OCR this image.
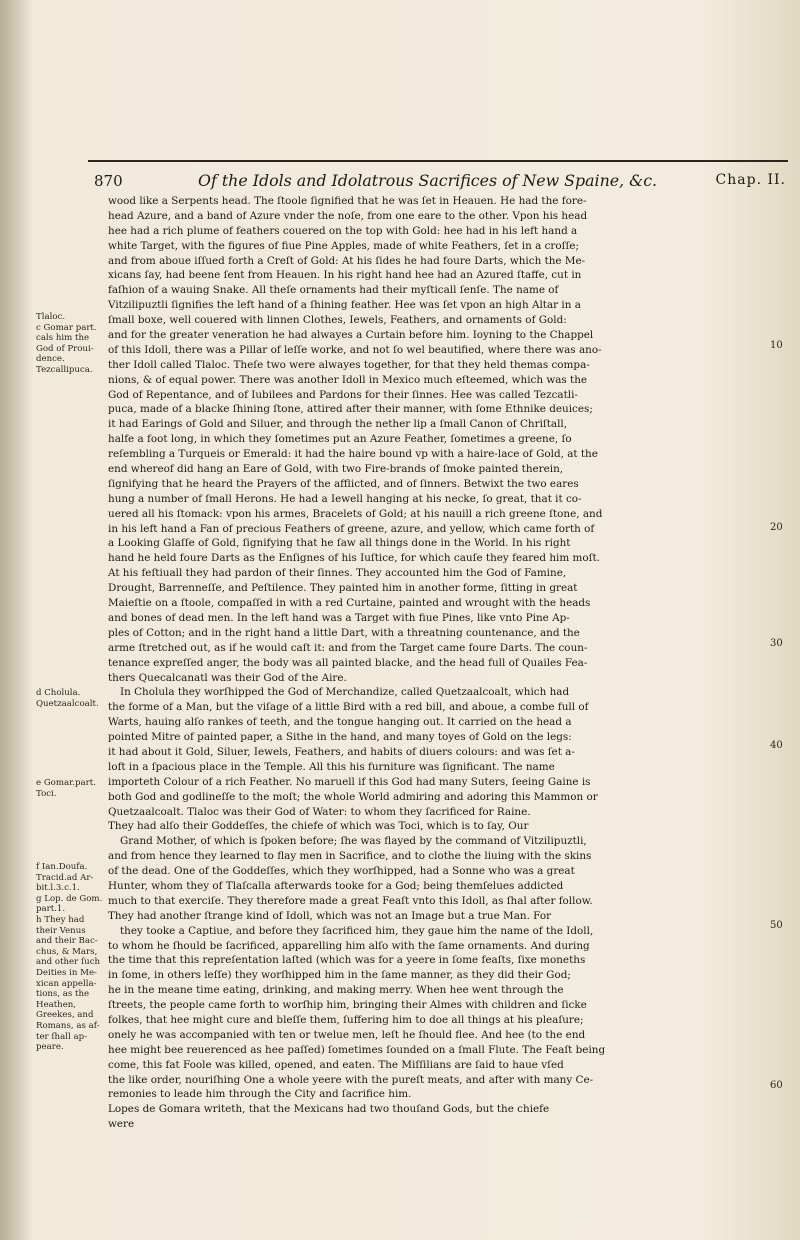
870	Of the Idols and Idolatrous Sacrifices of New Spaine, &c.	Chap. II.
Tlaloc.
c Gomar part.
cals him the
God of Proui-
dence.
Tezcallipuca.
d Cholula.
Quetzaalcoalt.
e Gomar.part.
Toci.
f Ian.Doufa.
Tracid.ad Ar-
bit.l.3.c.1.
g Lop. de Gom.
part.1.
h They had
their Venus
and their Bac-
chus, & Mars,
and other ſuch
Deities in Me-
xican appella-
tions, as the
Heathen,
Greekes, and
Romans, as af-
ter ſhall ap-
peare.
wood like a Serpents head. The ſtoole ſignified that he was ſet in Heauen. He had the fore-
head Azure, and a band of Azure vnder the noſe, from one eare to the other. Vpon his head
hee had a rich plume of feathers couered on the top with Gold: hee had in his left hand a
white Target, with the figures of fiue Pine Apples, made of white Feathers, ſet in a croſſe;
and from aboue iſſued forth a Creſt of Gold: At his ſides he had foure Darts, which the Me-
xicans ſay, had beene ſent from Heauen. In his right hand hee had an Azured ſtaffe, cut in
faſhion of a wauing Snake. All theſe ornaments had their myſticall ſenſe. The name of
Vitzilipuztli ſignifies the left hand of a ſhining feather. Hee was ſet vpon an high Altar in a
ſmall boxe, well couered with linnen Clothes, Iewels, Feathers, and ornaments of Gold:
and for the greater veneration he had alwayes a Curtain before him. Ioyning to the Chappel
of this Idoll, there was a Pillar of leſſe worke, and not ſo wel beautified, where there was ano-
ther Idoll called Tlaloc. Theſe two were alwayes together, for that they held themas compa-
nions, & of equal power. There was another Idoll in Mexico much eſteemed, which was the
God of Repentance, and of Iubilees and Pardons for their ſinnes. Hee was called Tezcatli-
puca, made of a blacke ſhining ſtone, attired after their manner, with ſome Ethnike deuices;
it had Earings of Gold and Siluer, and through the nether lip a ſmall Canon of Chriſtall,
halfe a foot long, in which they ſometimes put an Azure Feather, ſometimes a greene, ſo
reſembling a Turqueis or Emerald: it had the haire bound vp with a haire-lace of Gold, at the
end whereof did hang an Eare of Gold, with two Fire-brands of ſmoke painted therein,
ſignifying that he heard the Prayers of the afflicted, and of ſinners. Betwixt the two eares
hung a number of ſmall Herons. He had a Iewell hanging at his necke, ſo great, that it co-
uered all his ſtomack: vpon his armes, Bracelets of Gold; at his nauill a rich greene ſtone, and
in his left hand a Fan of precious Feathers of greene, azure, and yellow, which came forth of
a Looking Glaſſe of Gold, ſignifying that he ſaw all things done in the World. In his right
hand he held foure Darts as the Enſignes of his Iuſtice, for which cauſe they feared him moſt.
At his feſtiuall they had pardon of their ſinnes. They accounted him the God of Famine,
Drought, Barrenneſſe, and Peſtilence. They painted him in another forme, ſitting in great
Maieſtie on a ſtoole, compaſſed in with a red Curtaine, painted and wrought with the heads
and bones of dead men. In the left hand was a Target with fiue Pines, like vnto Pine Ap-
ples of Cotton; and in the right hand a little Dart, with a threatning countenance, and the
arme ſtretched out, as if he would caſt it: and from the Target came foure Darts. The coun-
tenance expreſſed anger, the body was all painted blacke, and the head full of Quailes Fea-
thers Quecalcanatl was their God of the Aire.
In Cholula they worſhipped the God of Merchandize, called Quetzaalcoalt, which had
the forme of a Man, but the viſage of a little Bird with a red bill, and aboue, a combe full of
Warts, hauing alſo rankes of teeth, and the tongue hanging out. It carried on the head a
pointed Mitre of painted paper, a Sithe in the hand, and many toyes of Gold on the legs:
it had about it Gold, Siluer, Iewels, Feathers, and habits of diuers colours: and was ſet a-
loft in a ſpacious place in the Temple. All this his furniture was ſignificant. The name
importeth Colour of a rich Feather. No maruell if this God had many Suters, ſeeing Gaine is
both God and godlineſſe to the moſt; the whole World admiring and adoring this Mammon or
Quetzaalcoalt. Tlaloc was their God of Water: to whom they ſacrificed for Raine.
They had alſo their Goddeſſes, the chiefe of which was Toci, which is to ſay, Our
Grand Mother, of which is ſpoken before; ſhe was flayed by the command of Vitzilipuztli,
and from hence they learned to flay men in Sacrifice, and to clothe the liuing with the skins
of the dead. One of the Goddeſſes, which they worſhipped, had a Sonne who was a great
Hunter, whom they of Tlaſcalla afterwards tooke for a God; being themſelues addicted
much to that exerciſe. They therefore made a great Feaſt vnto this Idoll, as ſhal after follow.
They had another ſtrange kind of Idoll, which was not an Image but a true Man. For
they tooke a Captiue, and before they ſacrificed him, they gaue him the name of the Idoll,
to whom he ſhould be ſacrificed, apparelling him alſo with the ſame ornaments. And during
the time that this repreſentation laſted (which was for a yeere in ſome feaſts, ſixe moneths
in ſome, in others leſſe) they worſhipped him in the ſame manner, as they did their God;
he in the meane time eating, drinking, and making merry. When hee went through the
ſtreets, the people came forth to worſhip him, bringing their Almes with children and ſicke
folkes, that hee might cure and bleſſe them, ſuffering him to doe all things at his pleaſure;
onely he was accompanied with ten or twelue men, leſt he ſhould flee. And hee (to the end
hee might bee reuerenced as hee paſſed) ſometimes ſounded on a ſmall Flute. The Feaſt being
come, this fat Foole was killed, opened, and eaten. The Miſſilians are ſaid to haue vſed
the like order, nouriſhing One a whole yeere with the pureſt meats, and after with many Ce-
remonies to leade him through the City and ſacrifice him.
Lopes de Gomara writeth, that the Mexicans had two thouſand Gods, but the chiefe
were
10
20
30
40
50
60
